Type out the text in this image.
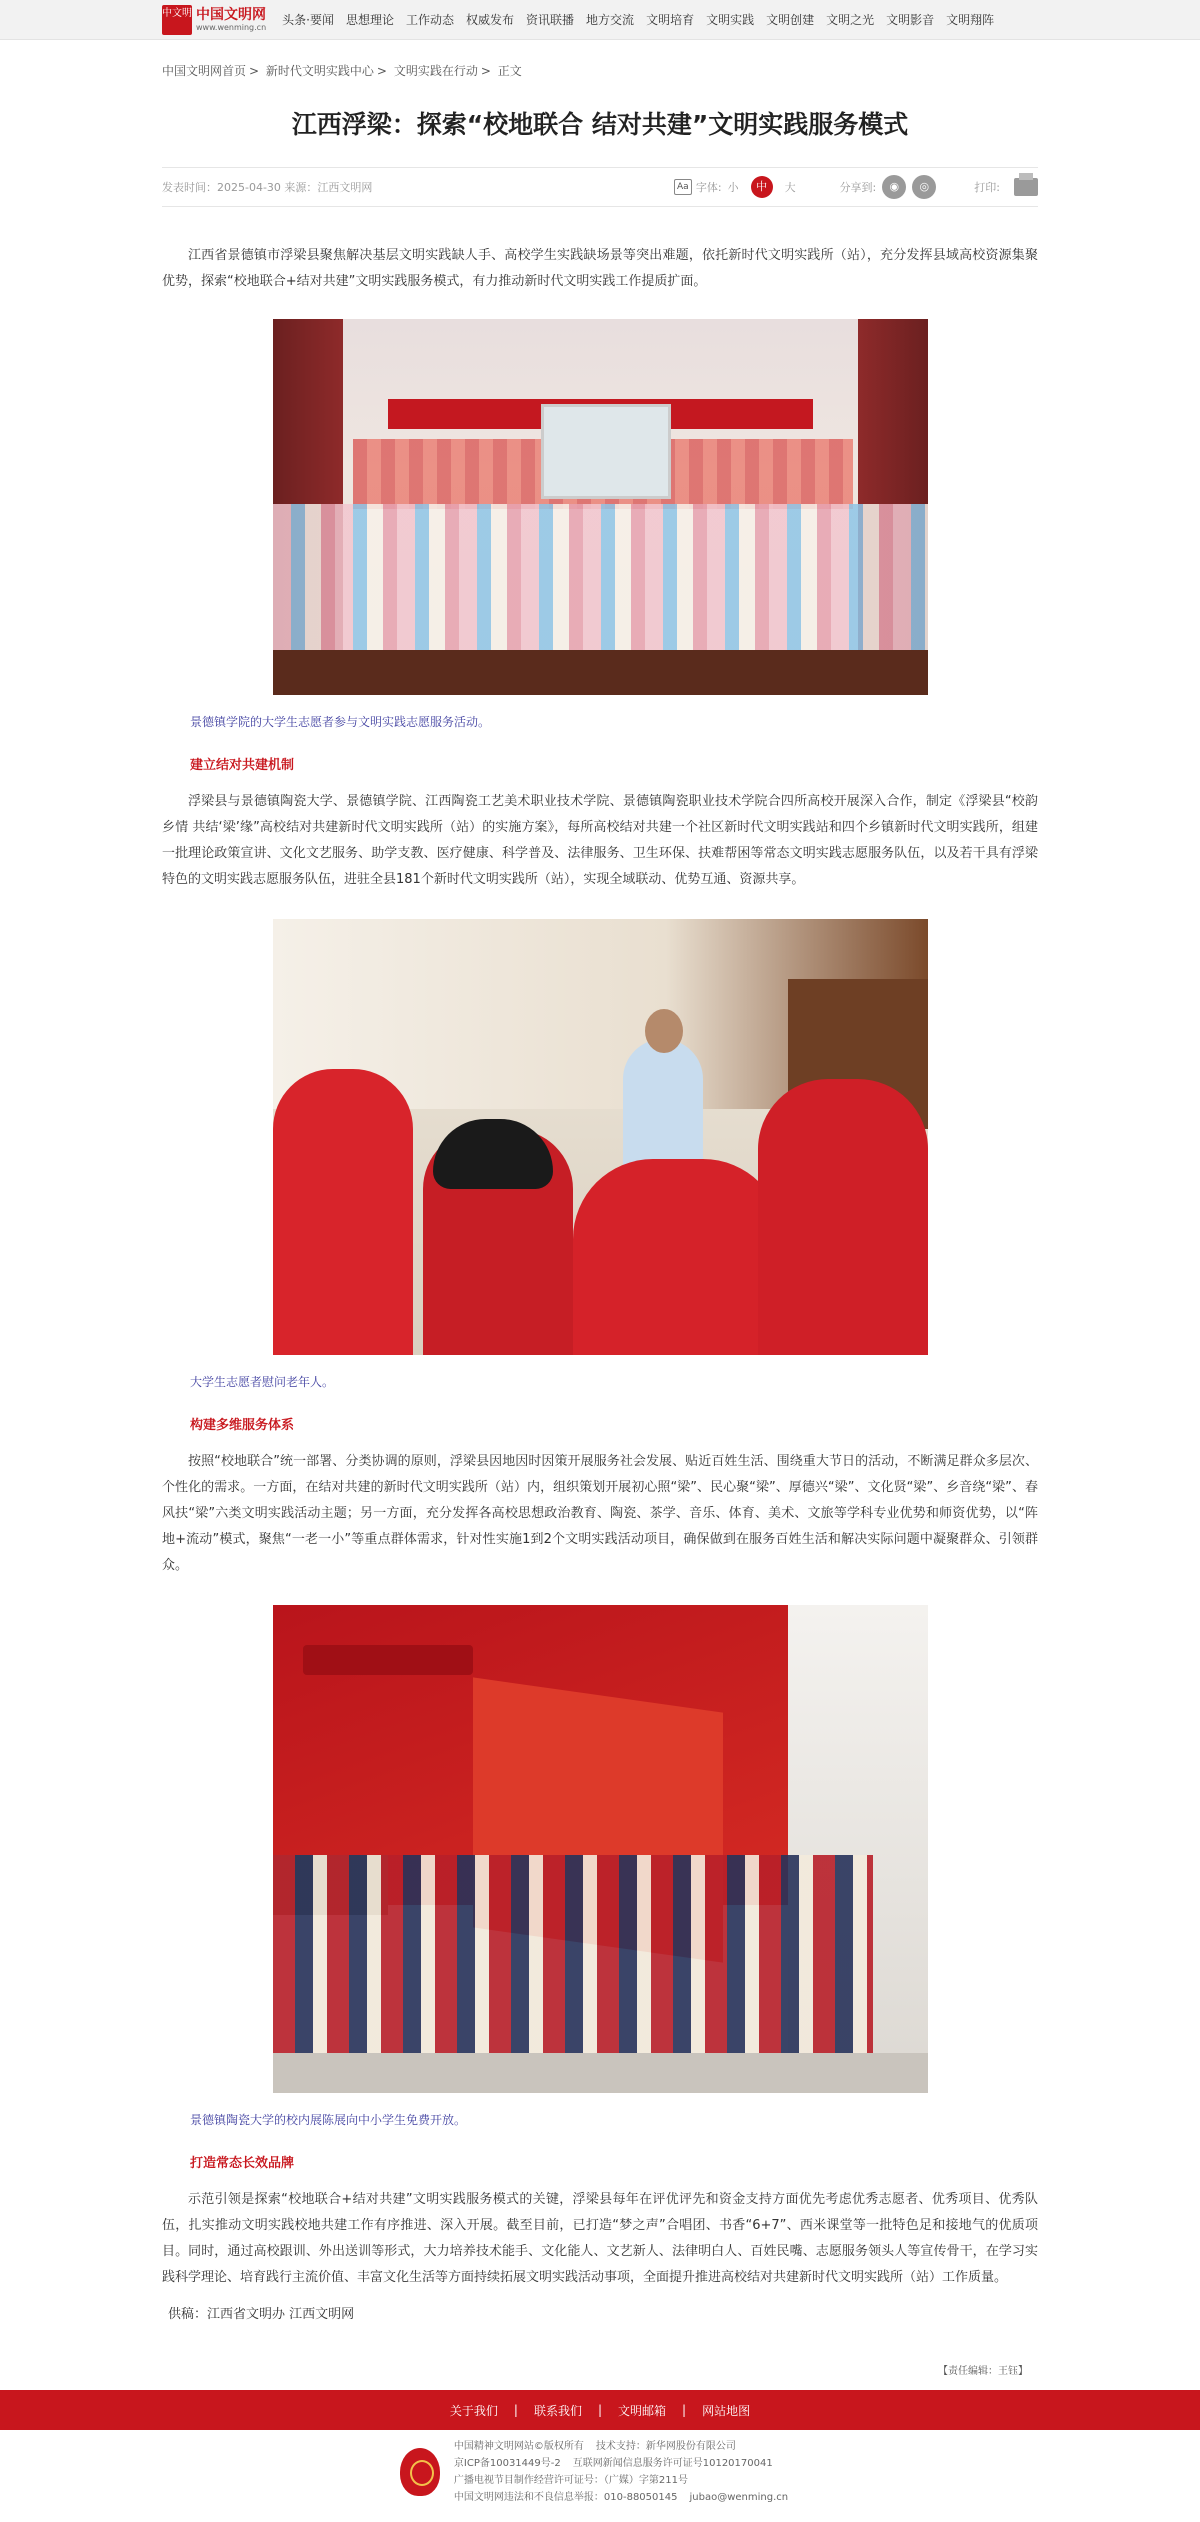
中文明 中国文明网
www.wenming.cn
头条·要闻	思想理论	工作动态	权威发布	资讯联播	地方交流	文明培育	文明实践	文明创建	文明之光	文明影音	文明翔阵
中国文明网首页 > 新时代文明实践中心 > 文明实践在行动 > 正文
江西浮梁：探索“校地联合 结对共建”文明实践服务模式
发表时间：2025-04-30 来源：江西文明网	Aa 字体: 小	中	大	分享到:	◉	◎	打印:

江西省景德镇市浮梁县聚焦解决基层文明实践缺人手、高校学生实践缺场景等突出难题，依托新时代文明实践所（站），充分发挥县域高校资源集聚优势，探索“校地联合+结对共建”文明实践服务模式，有力推动新时代文明实践工作提质扩面。

景德镇学院的大学生志愿者参与文明实践志愿服务活动。

建立结对共建机制

浮梁县与景德镇陶瓷大学、景德镇学院、江西陶瓷工艺美术职业技术学院、景德镇陶瓷职业技术学院合四所高校开展深入合作，制定《浮梁县“校韵乡情 共结‘梁’缘”高校结对共建新时代文明实践所（站）的实施方案》，每所高校结对共建一个社区新时代文明实践站和四个乡镇新时代文明实践所，组建一批理论政策宣讲、文化文艺服务、助学支教、医疗健康、科学普及、法律服务、卫生环保、扶难帮困等常态文明实践志愿服务队伍，以及若干具有浮梁特色的文明实践志愿服务队伍，进驻全县181个新时代文明实践所（站），实现全域联动、优势互通、资源共享。

大学生志愿者慰问老年人。

构建多维服务体系

按照“校地联合”统一部署、分类协调的原则，浮梁县因地因时因策开展服务社会发展、贴近百姓生活、围绕重大节日的活动，不断满足群众多层次、个性化的需求。一方面，在结对共建的新时代文明实践所（站）内，组织策划开展初心照“梁”、民心聚“梁”、厚德兴“梁”、文化贤“梁”、乡音绕“梁”、春风扶“梁”六类文明实践活动主题；另一方面，充分发挥各高校思想政治教育、陶瓷、茶学、音乐、体育、美术、文旅等学科专业优势和师资优势，以“阵地+流动”模式，聚焦“一老一小”等重点群体需求，针对性实施1到2个文明实践活动项目，确保做到在服务百姓生活和解决实际问题中凝聚群众、引领群众。

景德镇陶瓷大学的校内展陈展向中小学生免费开放。

打造常态长效品牌

示范引领是探索“校地联合+结对共建”文明实践服务模式的关键，浮梁县每年在评优评先和资金支持方面优先考虑优秀志愿者、优秀项目、优秀队伍，扎实推动文明实践校地共建工作有序推进、深入开展。截至目前，已打造“梦之声”合唱团、书香“6+7”、西米课堂等一批特色足和接地气的优质项目。同时，通过高校跟训、外出送训等形式，大力培养技术能手、文化能人、文艺新人、法律明白人、百姓民嘴、志愿服务领头人等宣传骨干，在学习实践科学理论、培育践行主流价值、丰富文化生活等方面持续拓展文明实践活动事项，全面提升推进高校结对共建新时代文明实践所（站）工作质量。

供稿：江西省文明办 江西文明网

【责任编辑：王钰】

关于我们 | 联系我们 | 文明邮箱 | 网站地图
中国精神文明网站©版权所有 技术支持：新华网股份有限公司
京ICP备10031449号-2 互联网新闻信息服务许可证号10120170041
广播电视节目制作经营许可证号：（广媒）字第211号
中国文明网违法和不良信息举报：010-88050145 jubao@wenming.cn
